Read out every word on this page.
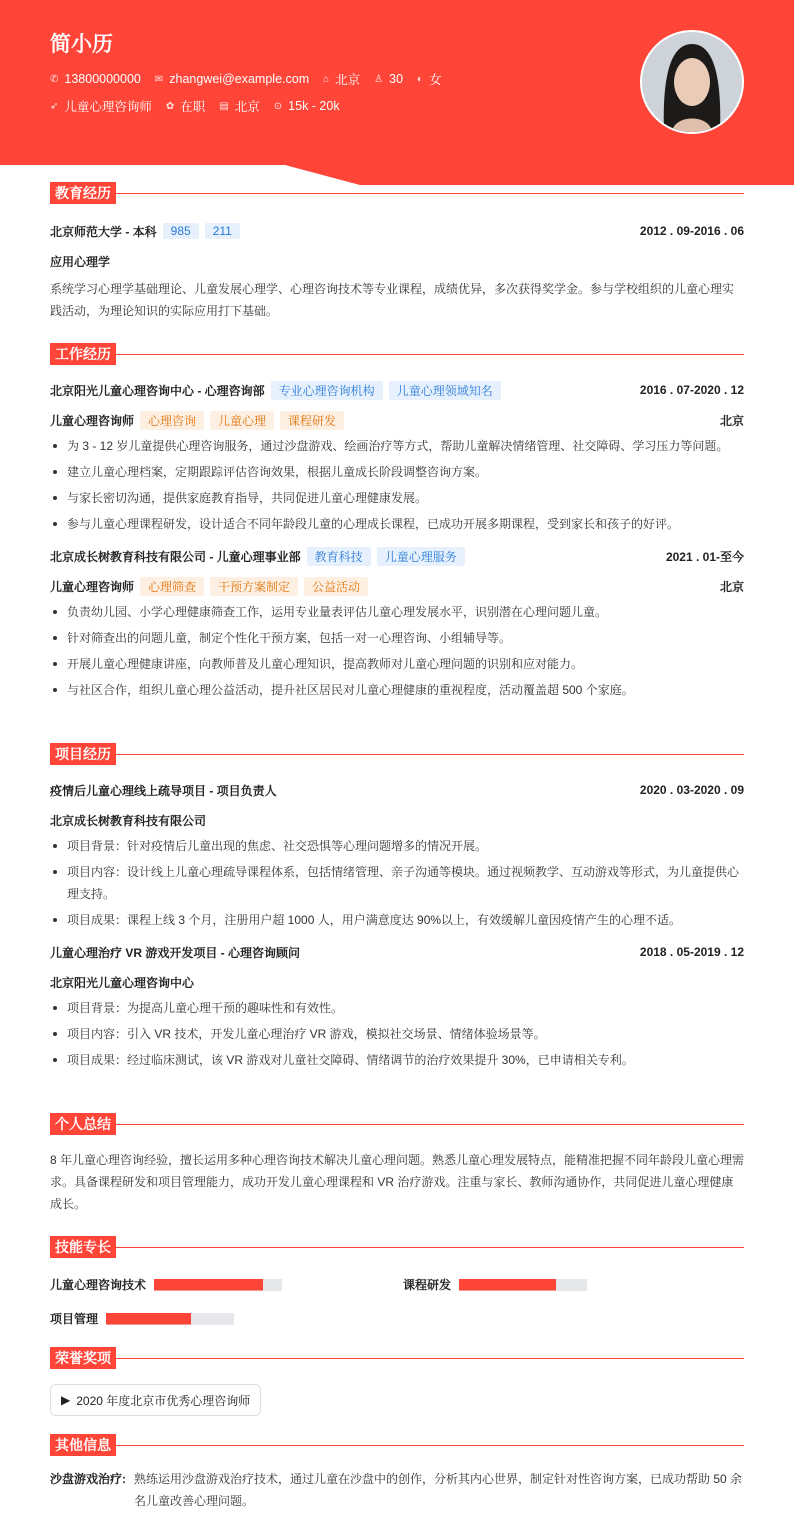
简小历
✆ 13800000000 ✉ zhangwei@example.com ⌂ 北京 ♙ 30 ◐ 女
➶ 儿童心理咨询师 ✿ 在职 ▤ 北京 ⊙ 15k - 20k
教育经历
北京师范大学 - 本科	985	211	2012 . 09-2016 . 06
应用心理学

系统学习心理学基础理论、儿童发展心理学、心理咨询技术等专业课程，成绩优异，多次获得奖学金。参与学校组织的儿童心理实践活动，为理论知识的实际应用打下基础。

工作经历
北京阳光儿童心理咨询中心 - 心理咨询部	专业心理咨询机构	儿童心理领域知名	2016 . 07-2020 . 12
儿童心理咨询师	心理咨询	儿童心理	课程研发	北京
为 3 - 12 岁儿童提供心理咨询服务，通过沙盘游戏、绘画治疗等方式，帮助儿童解决情绪管理、社交障碍、学习压力等问题。
建立儿童心理档案，定期跟踪评估咨询效果，根据儿童成长阶段调整咨询方案。
与家长密切沟通，提供家庭教育指导，共同促进儿童心理健康发展。
参与儿童心理课程研发，设计适合不同年龄段儿童的心理成长课程，已成功开展多期课程，受到家长和孩子的好评。
北京成长树教育科技有限公司 - 儿童心理事业部	教育科技	儿童心理服务	2021 . 01-至今
儿童心理咨询师	心理筛查	干预方案制定	公益活动	北京
负责幼儿园、小学心理健康筛查工作，运用专业量表评估儿童心理发展水平，识别潜在心理问题儿童。
针对筛查出的问题儿童，制定个性化干预方案，包括一对一心理咨询、小组辅导等。
开展儿童心理健康讲座，向教师普及儿童心理知识，提高教师对儿童心理问题的识别和应对能力。
与社区合作，组织儿童心理公益活动，提升社区居民对儿童心理健康的重视程度，活动覆盖超 500 个家庭。
项目经历
疫情后儿童心理线上疏导项目 - 项目负责人	2020 . 03-2020 . 09
北京成长树教育科技有限公司
项目背景：针对疫情后儿童出现的焦虑、社交恐惧等心理问题增多的情况开展。
项目内容：设计线上儿童心理疏导课程体系，包括情绪管理、亲子沟通等模块。通过视频教学、互动游戏等形式，为儿童提供心理支持。
项目成果：课程上线 3 个月，注册用户超 1000 人，用户满意度达 90%以上，有效缓解儿童因疫情产生的心理不适。
儿童心理治疗 VR 游戏开发项目 - 心理咨询顾问	2018 . 05-2019 . 12
北京阳光儿童心理咨询中心
项目背景：为提高儿童心理干预的趣味性和有效性。
项目内容：引入 VR 技术，开发儿童心理治疗 VR 游戏，模拟社交场景、情绪体验场景等。
项目成果：经过临床测试，该 VR 游戏对儿童社交障碍、情绪调节的治疗效果提升 30%，已申请相关专利。
个人总结

8 年儿童心理咨询经验，擅长运用多种心理咨询技术解决儿童心理问题。熟悉儿童心理发展特点，能精准把握不同年龄段儿童心理需求。具备课程研发和项目管理能力，成功开发儿童心理课程和 VR 治疗游戏。注重与家长、教师沟通协作，共同促进儿童心理健康成长。

技能专长
儿童心理咨询技术	课程研发
项目管理
荣誉奖项
▶ 2020 年度北京市优秀心理咨询师
其他信息
沙盘游戏治疗: 熟练运用沙盘游戏治疗技术，通过儿童在沙盘中的创作，分析其内心世界，制定针对性咨询方案，已成功帮助 50 余名儿童改善心理问题。
